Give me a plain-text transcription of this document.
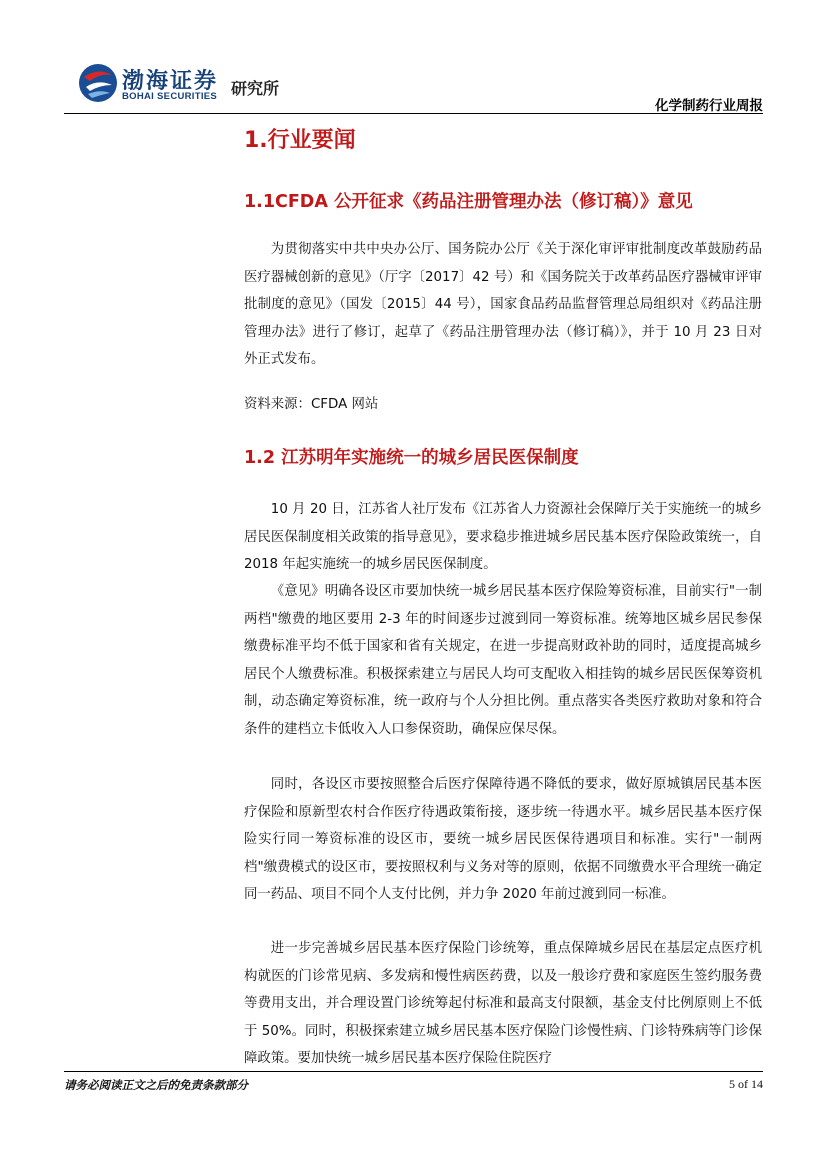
渤海证券
BOHAI SECURITIES 研究所
化学制药行业周报
1.行业要闻
1.1CFDA 公开征求《药品注册管理办法（修订稿）》意见

为贯彻落实中共中央办公厅、国务院办公厅《关于深化审评审批制度改革鼓励药品医疗器械创新的意见》（厅字〔2017〕42 号）和《国务院关于改革药品医疗器械审评审批制度的意见》（国发〔2015〕44 号），国家食品药品监督管理总局组织对《药品注册管理办法》进行了修订，起草了《药品注册管理办法（修订稿）》，并于 10 月 23 日对外正式发布。

资料来源：CFDA 网站

1.2 江苏明年实施统一的城乡居民医保制度

10 月 20 日，江苏省人社厅发布《江苏省人力资源社会保障厅关于实施统一的城乡居民医保制度相关政策的指导意见》，要求稳步推进城乡居民基本医疗保险政策统一，自 2018 年起实施统一的城乡居民医保制度。

《意见》明确各设区市要加快统一城乡居民基本医疗保险筹资标准，目前实行"一制两档"缴费的地区要用 2-3 年的时间逐步过渡到同一筹资标准。统筹地区城乡居民参保缴费标准平均不低于国家和省有关规定，在进一步提高财政补助的同时，适度提高城乡居民个人缴费标准。积极探索建立与居民人均可支配收入相挂钩的城乡居民医保筹资机制，动态确定筹资标准，统一政府与个人分担比例。重点落实各类医疗救助对象和符合条件的建档立卡低收入人口参保资助，确保应保尽保。

同时，各设区市要按照整合后医疗保障待遇不降低的要求，做好原城镇居民基本医疗保险和原新型农村合作医疗待遇政策衔接，逐步统一待遇水平。城乡居民基本医疗保险实行同一筹资标准的设区市，要统一城乡居民医保待遇项目和标准。实行"一制两档"缴费模式的设区市，要按照权利与义务对等的原则，依据不同缴费水平合理统一确定同一药品、项目不同个人支付比例，并力争 2020 年前过渡到同一标准。

进一步完善城乡居民基本医疗保险门诊统筹，重点保障城乡居民在基层定点医疗机构就医的门诊常见病、多发病和慢性病医药费，以及一般诊疗费和家庭医生签约服务费等费用支出，并合理设置门诊统筹起付标准和最高支付限额，基金支付比例原则上不低于 50%。同时，积极探索建立城乡居民基本医疗保险门诊慢性病、门诊特殊病等门诊保障政策。要加快统一城乡居民基本医疗保险住院医疗

请务必阅读正文之后的免责条款部分	5 of 14
